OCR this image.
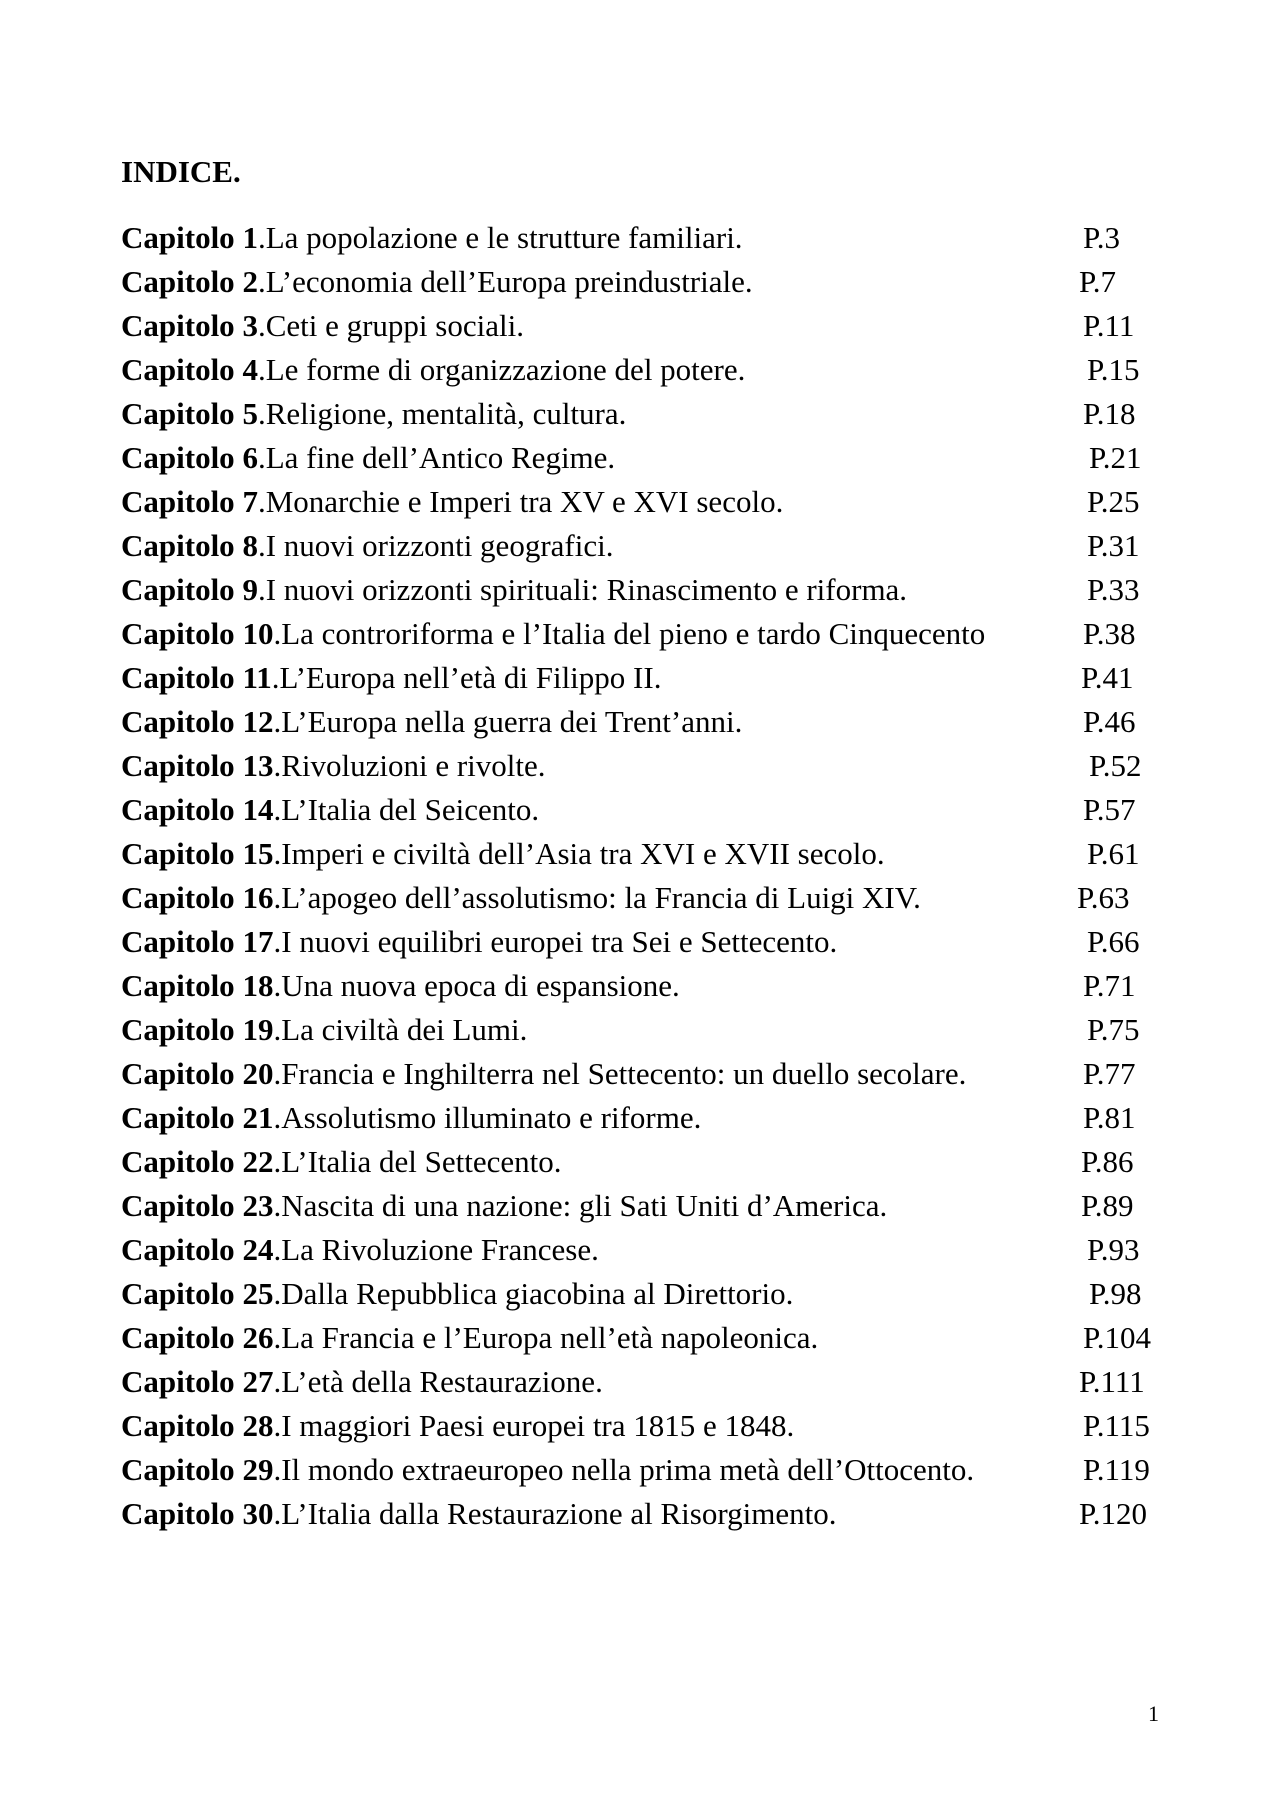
INDICE.
Capitolo 1.La popolazione e le strutture familiari.	P.3
Capitolo 2.L’economia dell’Europa preindustriale.	P.7
Capitolo 3.Ceti e gruppi sociali.	P.11
Capitolo 4.Le forme di organizzazione del potere.	P.15
Capitolo 5.Religione, mentalità, cultura.	P.18
Capitolo 6.La fine dell’Antico Regime.	P.21
Capitolo 7.Monarchie e Imperi tra XV e XVI secolo.	P.25
Capitolo 8.I nuovi orizzonti geografici.	P.31
Capitolo 9.I nuovi orizzonti spirituali: Rinascimento e riforma.	P.33
Capitolo 10.La controriforma e l’Italia del pieno e tardo Cinquecento	P.38
Capitolo 11.L’Europa nell’età di Filippo II.	P.41
Capitolo 12.L’Europa nella guerra dei Trent’anni.	P.46
Capitolo 13.Rivoluzioni e rivolte.	P.52
Capitolo 14.L’Italia del Seicento.	P.57
Capitolo 15.Imperi e civiltà dell’Asia tra XVI e XVII secolo.	P.61
Capitolo 16.L’apogeo dell’assolutismo: la Francia di Luigi XIV.	P.63
Capitolo 17.I nuovi equilibri europei tra Sei e Settecento.	P.66
Capitolo 18.Una nuova epoca di espansione.	P.71
Capitolo 19.La civiltà dei Lumi.	P.75
Capitolo 20.Francia e Inghilterra nel Settecento: un duello secolare.	P.77
Capitolo 21.Assolutismo illuminato e riforme.	P.81
Capitolo 22.L’Italia del Settecento.	P.86
Capitolo 23.Nascita di una nazione: gli Sati Uniti d’America.	P.89
Capitolo 24.La Rivoluzione Francese.	P.93
Capitolo 25.Dalla Repubblica giacobina al Direttorio.	P.98
Capitolo 26.La Francia e l’Europa nell’età napoleonica.	P.104
Capitolo 27.L’età della Restaurazione.	P.111
Capitolo 28.I maggiori Paesi europei tra 1815 e 1848.	P.115
Capitolo 29.Il mondo extraeuropeo nella prima metà dell’Ottocento.	P.119
Capitolo 30.L’Italia dalla Restaurazione al Risorgimento.	P.120
1
